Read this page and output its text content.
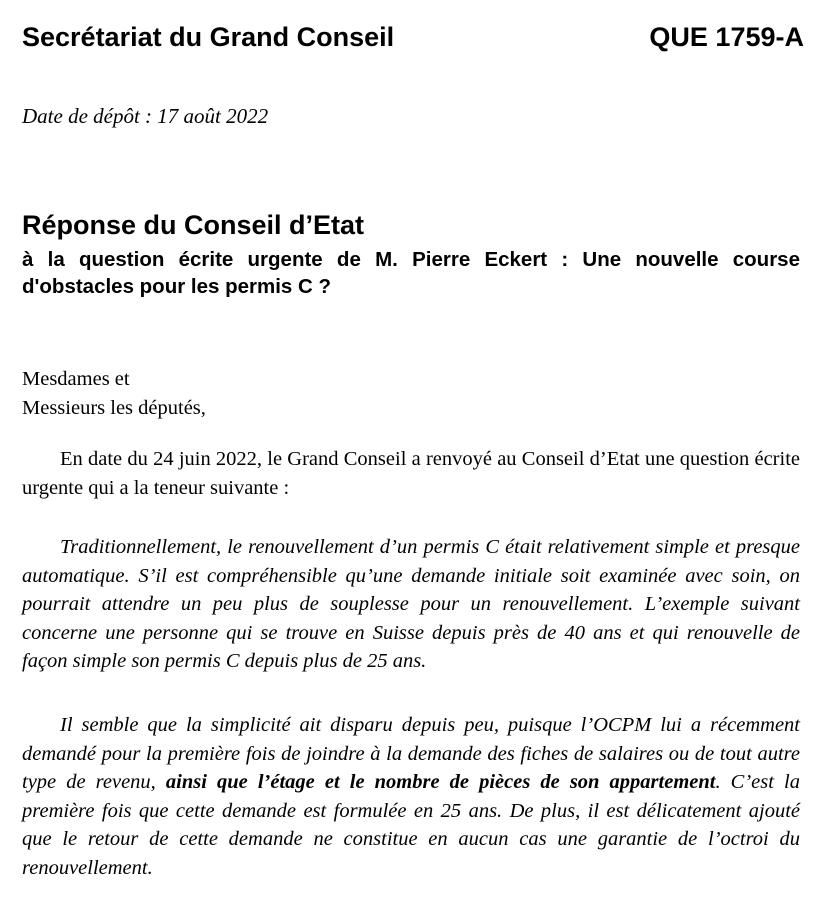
Secrétariat du Grand Conseil	QUE 1759-A
Date de dépôt : 17 août 2022
Réponse du Conseil d’Etat
à la question écrite urgente de M. Pierre Eckert : Une nouvelle course d'obstacles pour les permis C ?
Mesdames et
Messieurs les députés,
En date du 24 juin 2022, le Grand Conseil a renvoyé au Conseil d’Etat une question écrite urgente qui a la teneur suivante :
Traditionnellement, le renouvellement d’un permis C était relativement simple et presque automatique. S’il est compréhensible qu’une demande initiale soit examinée avec soin, on pourrait attendre un peu plus de souplesse pour un renouvellement. L’exemple suivant concerne une personne qui se trouve en Suisse depuis près de 40 ans et qui renouvelle de façon simple son permis C depuis plus de 25 ans.
Il semble que la simplicité ait disparu depuis peu, puisque l’OCPM lui a récemment demandé pour la première fois de joindre à la demande des fiches de salaires ou de tout autre type de revenu, ainsi que l’étage et le nombre de pièces de son appartement. C’est la première fois que cette demande est formulée en 25 ans. De plus, il est délicatement ajouté que le retour de cette demande ne constitue en aucun cas une garantie de l’octroi du renouvellement.
